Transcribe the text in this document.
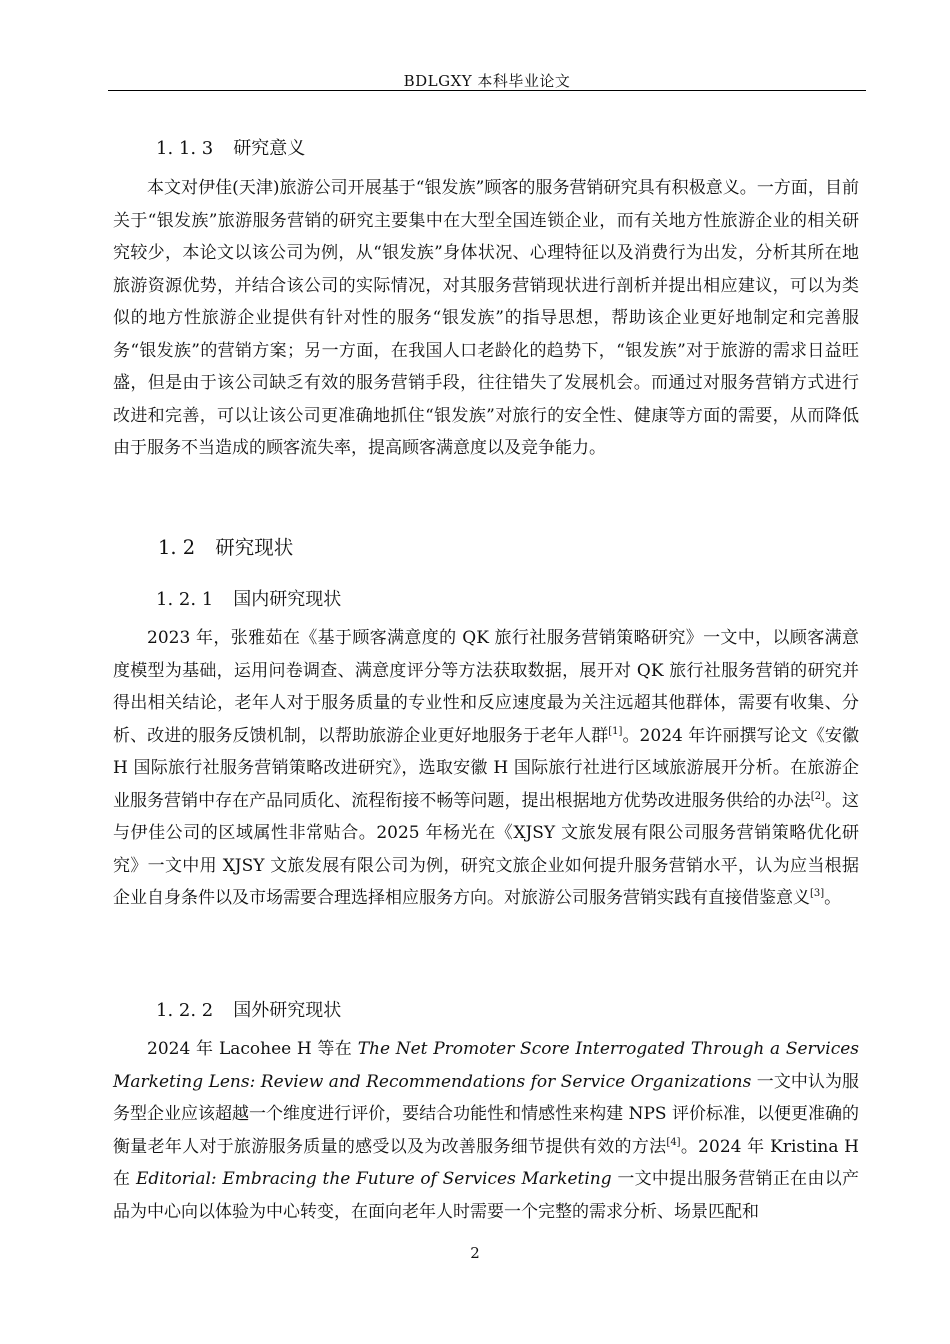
BDLGXY 本科毕业论文
1. 1. 3 研究意义

本文对伊佳(天津)旅游公司开展基于“银发族”顾客的服务营销研究具有积极意义。一方面，目前关于“银发族”旅游服务营销的研究主要集中在大型全国连锁企业，而有关地方性旅游企业的相关研究较少，本论文以该公司为例，从“银发族”身体状况、心理特征以及消费行为出发，分析其所在地旅游资源优势，并结合该公司的实际情况，对其服务营销现状进行剖析并提出相应建议，可以为类似的地方性旅游企业提供有针对性的服务“银发族”的指导思想，帮助该企业更好地制定和完善服务“银发族”的营销方案；另一方面，在我国人口老龄化的趋势下，“银发族”对于旅游的需求日益旺盛，但是由于该公司缺乏有效的服务营销手段，往往错失了发展机会。而通过对服务营销方式进行改进和完善，可以让该公司更准确地抓住“银发族”对旅行的安全性、健康等方面的需要，从而降低由于服务不当造成的顾客流失率，提高顾客满意度以及竞争能力。

1. 2 研究现状
1. 2. 1 国内研究现状

2023 年，张雅茹在《基于顾客满意度的 QK 旅行社服务营销策略研究》一文中，以顾客满意度模型为基础，运用问卷调查、满意度评分等方法获取数据，展开对 QK 旅行社服务营销的研究并得出相关结论，老年人对于服务质量的专业性和反应速度最为关注远超其他群体，需要有收集、分析、改进的服务反馈机制，以帮助旅游企业更好地服务于老年人群[1]。2024 年许丽撰写论文《安徽 H 国际旅行社服务营销策略改进研究》，选取安徽 H 国际旅行社进行区域旅游展开分析。在旅游企业服务营销中存在产品同质化、流程衔接不畅等问题，提出根据地方优势改进服务供给的办法[2]。这与伊佳公司的区域属性非常贴合。2025 年杨光在《XJSY 文旅发展有限公司服务营销策略优化研究》一文中用 XJSY 文旅发展有限公司为例，研究文旅企业如何提升服务营销水平，认为应当根据企业自身条件以及市场需要合理选择相应服务方向。对旅游公司服务营销实践有直接借鉴意义[3]。

1. 2. 2 国外研究现状

2024 年 Lacohee H 等在 The Net Promoter Score Interrogated Through a Services Marketing Lens: Review and Recommendations for Service Organizations 一文中认为服务型企业应该超越一个维度进行评价，要结合功能性和情感性来构建 NPS 评价标准，以便更准确的衡量老年人对于旅游服务质量的感受以及为改善服务细节提供有效的方法[4]。2024 年 Kristina H 在 Editorial: Embracing the Future of Services Marketing 一文中提出服务营销正在由以产品为中心向以体验为中心转变，在面向老年人时需要一个完整的需求分析、场景匹配和

2
